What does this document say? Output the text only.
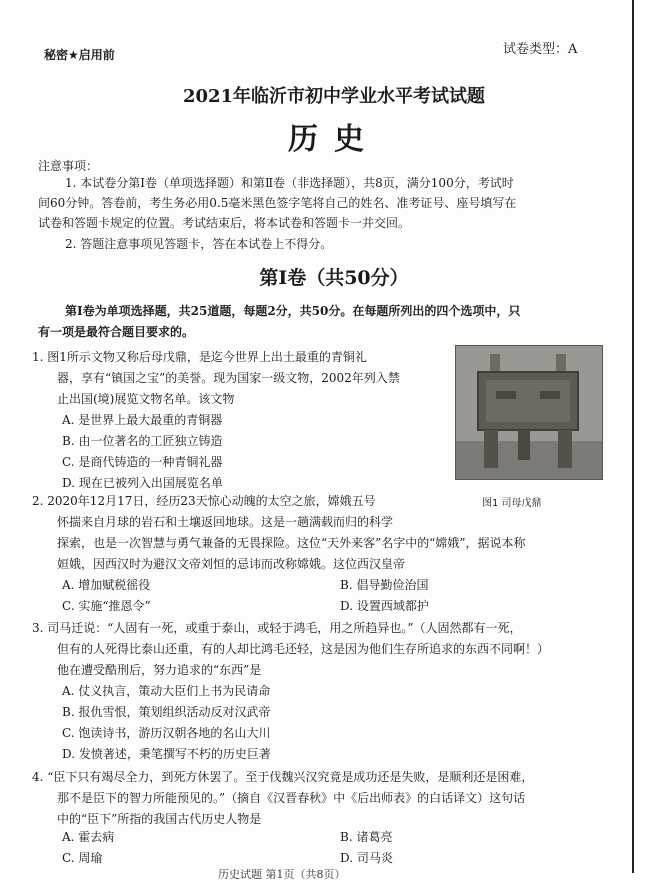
秘密★启用前	试卷类型：A
2021年临沂市初中学业水平考试试题
历史
注意事项：
1. 本试卷分第Ⅰ卷（单项选择题）和第Ⅱ卷（非选择题），共8页，满分100分，考试时
间60分钟。答卷前，考生务必用0.5毫米黑色签字笔将自己的姓名、准考证号、座号填写在
试卷和答题卡规定的位置。考试结束后，将本试卷和答题卡一并交回。
2. 答题注意事项见答题卡，答在本试卷上不得分。
第Ⅰ卷（共50分）
第Ⅰ卷为单项选择题，共25道题，每题2分，共50分。在每题所列出的四个选项中，只
有一项是最符合题目要求的。
1. 图1所示文物又称后母戊鼎，是迄今世界上出土最重的青铜礼
器，享有“镇国之宝”的美誉。现为国家一级文物，2002年列入禁
止出国(境)展览文物名单。该文物
A. 是世界上最大最重的青铜器
B. 由一位著名的工匠独立铸造
C. 是商代铸造的一种青铜礼器
D. 现在已被列入出国展览名单
图1 司母戊鼎
2. 2020年12月17日，经历23天惊心动魄的太空之旅，嫦娥五号
怀揣来自月球的岩石和土壤返回地球。这是一趟满载而归的科学
探索，也是一次智慧与勇气兼备的无畏探险。这位“天外来客”名字中的“嫦娥”，据说本称
姮娥，因西汉时为避汉文帝刘恒的忌讳而改称嫦娥。这位西汉皇帝
A. 增加赋税徭役	B. 倡导勤俭治国
C. 实施“推恩令”	D. 设置西域都护
3. 司马迁说：“人固有一死，或重于泰山，或轻于鸿毛，用之所趋异也。”（人固然都有一死，
但有的人死得比泰山还重，有的人却比鸿毛还轻，这是因为他们生存所追求的东西不同啊！）
他在遭受酷刑后，努力追求的“东西”是
A. 仗义执言，策动大臣们上书为民请命
B. 报仇雪恨，策划组织活动反对汉武帝
C. 饱读诗书，游历汉朝各地的名山大川
D. 发愤著述，秉笔撰写不朽的历史巨著
4. “臣下只有竭尽全力，到死方休罢了。至于伐魏兴汉究竟是成功还是失败，是顺利还是困难，
那不是臣下的智力所能预见的。”（摘自《汉晋春秋》中《后出师表》的白话译文）这句话
中的“臣下”所指的我国古代历史人物是
A. 霍去病	B. 诸葛亮
C. 周瑜	D. 司马炎
历史试题 第1页（共8页）
